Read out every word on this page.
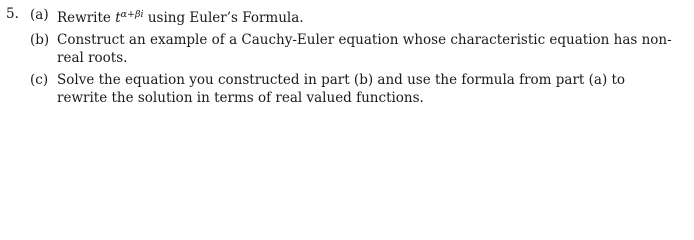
5. (a) Rewrite $t^{\alpha+\beta i}$ using Euler’s Formula.
(b) Construct an example of a Cauchy-Euler equation whose characteristic equation has non-
real roots.
(c) Solve the equation you constructed in part (b) and use the formula from part (a) to
rewrite the solution in terms of real valued functions.
